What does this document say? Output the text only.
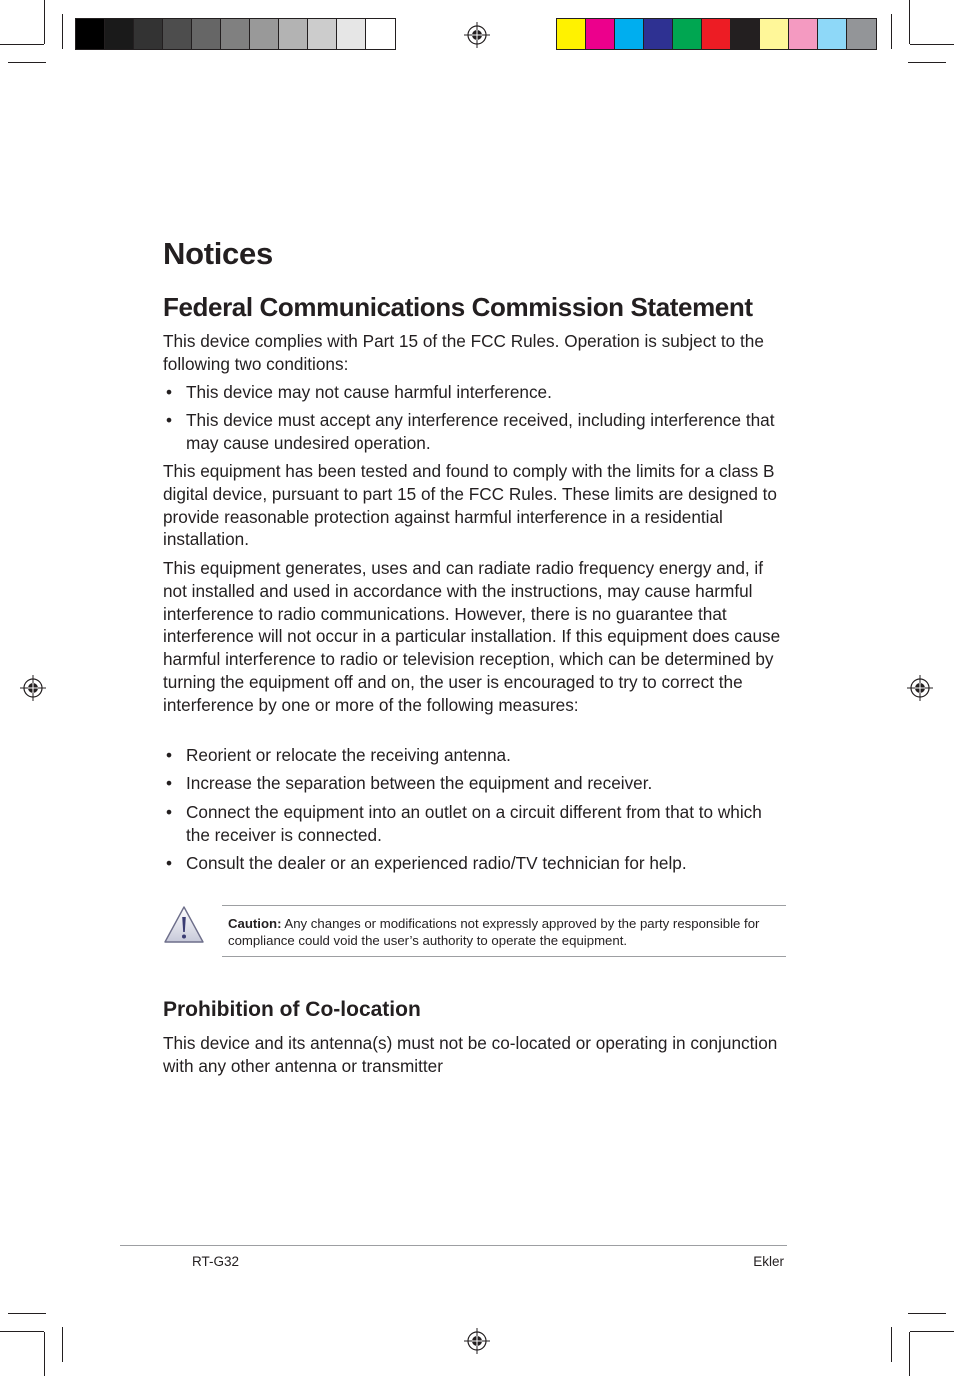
Notices
Federal Communications Commission Statement

This device complies with Part 15 of the FCC Rules. Operation is subject to the following two conditions:

• This device may not cause harmful interference.
• This device must accept any interference received, including interference that may cause undesired operation.

This equipment has been tested and found to comply with the limits for a class B digital device, pursuant to part 15 of the FCC Rules. These limits are designed to provide reasonable protection against harmful interference in a residential installation.

This equipment generates, uses and can radiate radio frequency energy and, if not installed and used in accordance with the instructions, may cause harmful interference to radio communications. However, there is no guarantee that interference will not occur in a particular installation. If this equipment does cause harmful interference to radio or television reception, which can be determined by turning the equipment off and on, the user is encouraged to try to correct the interference by one or more of the following measures:

• Reorient or relocate the receiving antenna.
• Increase the separation between the equipment and receiver.
• Connect the equipment into an outlet on a circuit different from that to which the receiver is connected.
• Consult the dealer or an experienced radio/TV technician for help.
Caution: Any changes or modifications not expressly approved by the party responsible for compliance could void the user’s authority to operate the equipment.
Prohibition of Co-location

This device and its antenna(s) must not be co-located or operating in conjunction with any other antenna or transmitter

RT-G32	Ekler
